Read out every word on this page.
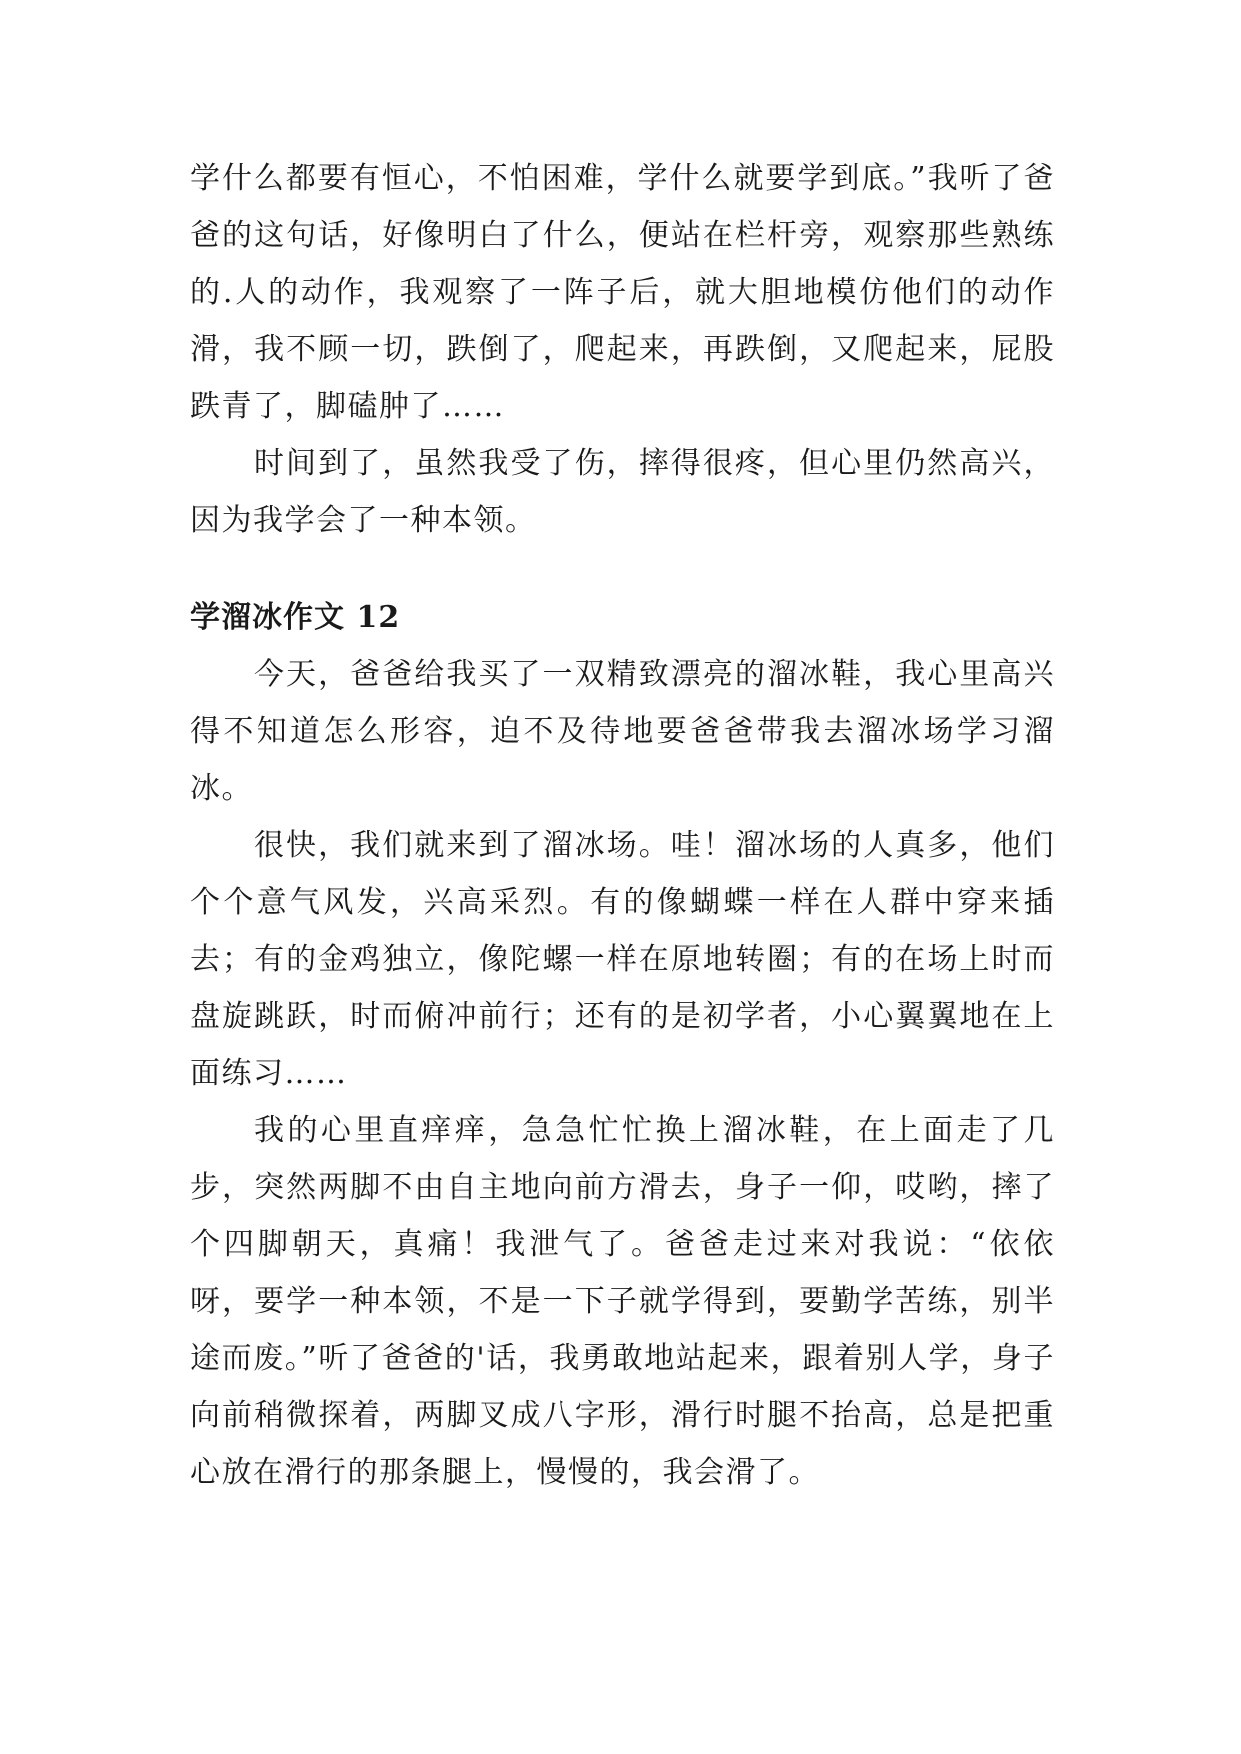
学什么都要有恒心，不怕困难，学什么就要学到底。”我听了爸爸的这句话，好像明白了什么，便站在栏杆旁，观察那些熟练的.人的动作，我观察了一阵子后，就大胆地模仿他们的动作滑，我不顾一切，跌倒了，爬起来，再跌倒，又爬起来，屁股跌青了，脚磕肿了……

时间到了，虽然我受了伤，摔得很疼，但心里仍然高兴，因为我学会了一种本领。

学溜冰作文 12

今天，爸爸给我买了一双精致漂亮的溜冰鞋，我心里高兴得不知道怎么形容，迫不及待地要爸爸带我去溜冰场学习溜冰。

很快，我们就来到了溜冰场。哇！溜冰场的人真多，他们个个意气风发，兴高采烈。有的像蝴蝶一样在人群中穿来插去；有的金鸡独立，像陀螺一样在原地转圈；有的在场上时而盘旋跳跃，时而俯冲前行；还有的是初学者，小心翼翼地在上面练习……

我的心里直痒痒，急急忙忙换上溜冰鞋，在上面走了几步，突然两脚不由自主地向前方滑去，身子一仰，哎哟，摔了个四脚朝天，真痛！我泄气了。爸爸走过来对我说：“依依呀，要学一种本领，不是一下子就学得到，要勤学苦练，别半途而废。”听了爸爸的'话，我勇敢地站起来，跟着别人学，身子向前稍微探着，两脚叉成八字形，滑行时腿不抬高，总是把重心放在滑行的那条腿上，慢慢的，我会滑了。
